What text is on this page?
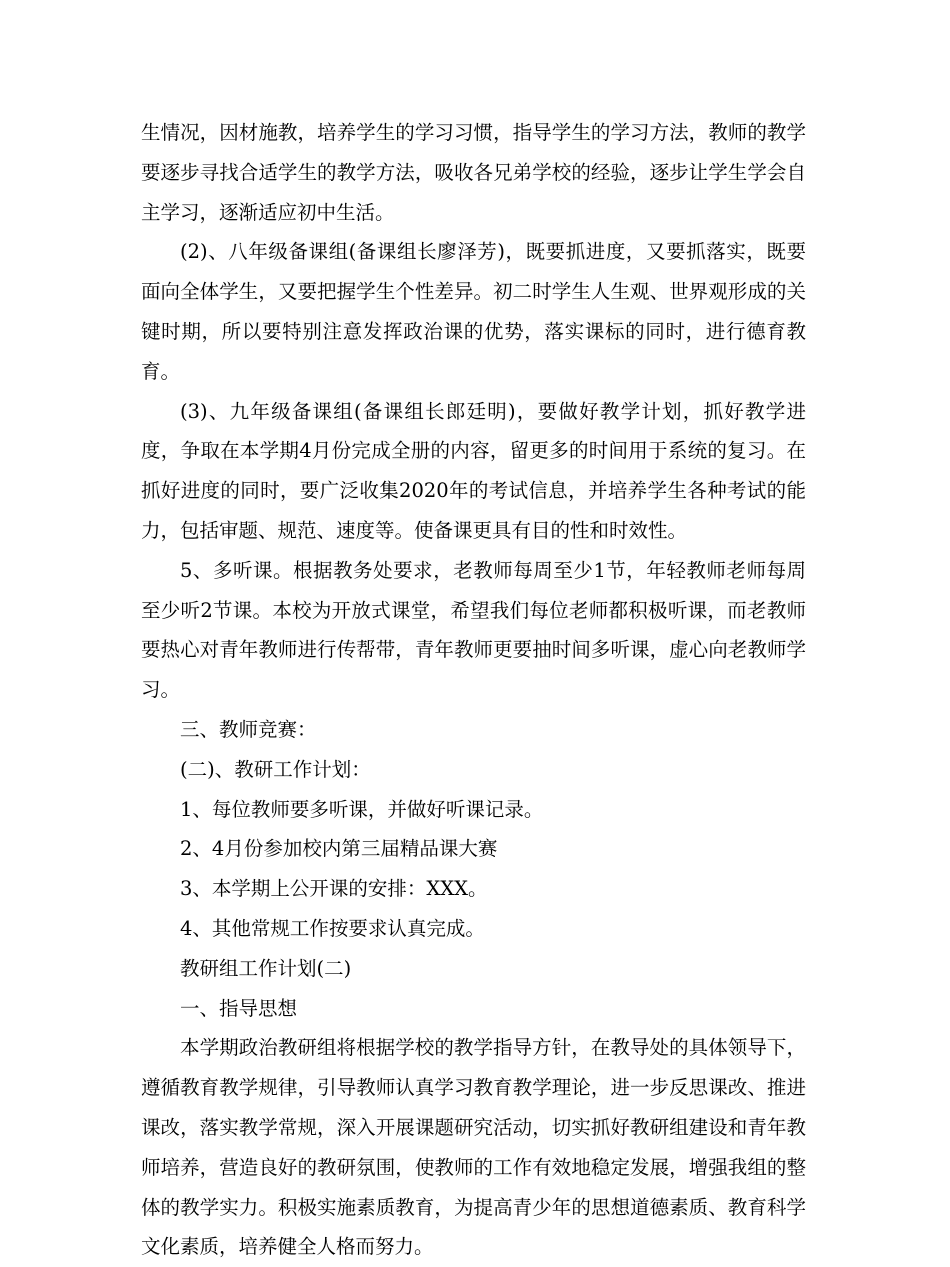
生情况，因材施教，培养学生的学习习惯，指导学生的学习方法，教师的教学要逐步寻找合适学生的教学方法，吸收各兄弟学校的经验，逐步让学生学会自主学习，逐渐适应初中生活。

(2)、八年级备课组(备课组长廖泽芳)，既要抓进度，又要抓落实，既要面向全体学生，又要把握学生个性差异。初二时学生人生观、世界观形成的关键时期，所以要特别注意发挥政治课的优势，落实课标的同时，进行德育教育。

(3)、九年级备课组(备课组长郎廷明)，要做好教学计划，抓好教学进度，争取在本学期4月份完成全册的内容，留更多的时间用于系统的复习。在抓好进度的同时，要广泛收集2020年的考试信息，并培养学生各种考试的能力，包括审题、规范、速度等。使备课更具有目的性和时效性。

5、多听课。根据教务处要求，老教师每周至少1节，年轻教师老师每周至少听2节课。本校为开放式课堂，希望我们每位老师都积极听课，而老教师要热心对青年教师进行传帮带，青年教师更要抽时间多听课，虚心向老教师学习。

三、教师竞赛：

(二)、教研工作计划：

1、每位教师要多听课，并做好听课记录。

2、4月份参加校内第三届精品课大赛

3、本学期上公开课的安排：XXX。

4、其他常规工作按要求认真完成。

教研组工作计划(二)

一、指导思想

本学期政治教研组将根据学校的教学指导方针，在教导处的具体领导下，遵循教育教学规律，引导教师认真学习教育教学理论，进一步反思课改、推进课改，落实教学常规，深入开展课题研究活动，切实抓好教研组建设和青年教师培养，营造良好的教研氛围，使教师的工作有效地稳定发展，增强我组的整体的教学实力。积极实施素质教育，为提高青少年的思想道德素质、教育科学文化素质，培养健全人格而努力。
